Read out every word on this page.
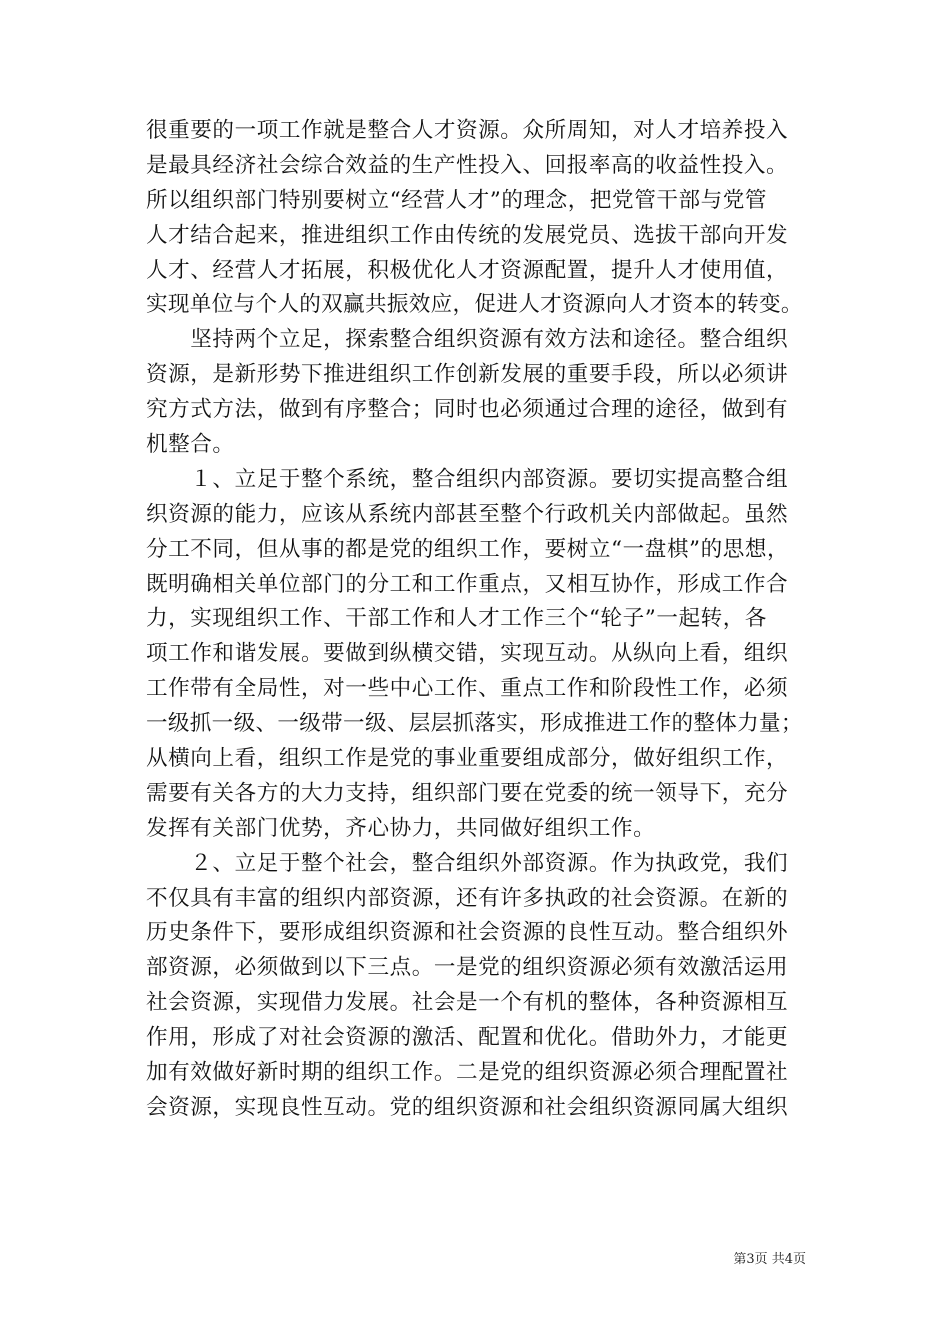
很重要的一项工作就是整合人才资源。众所周知，对人才培养投入
是最具经济社会综合效益的生产性投入、回报率高的收益性投入。
所以组织部门特别要树立“经营人才”的理念，把党管干部与党管
人才结合起来，推进组织工作由传统的发展党员、选拔干部向开发
人才、经营人才拓展，积极优化人才资源配置，提升人才使用值，
实现单位与个人的双赢共振效应，促进人才资源向人才资本的转变。
　　坚持两个立足，探索整合组织资源有效方法和途径。整合组织
资源，是新形势下推进组织工作创新发展的重要手段，所以必须讲
究方式方法，做到有序整合；同时也必须通过合理的途径，做到有
机整合。
　　１、立足于整个系统，整合组织内部资源。要切实提高整合组
织资源的能力，应该从系统内部甚至整个行政机关内部做起。虽然
分工不同，但从事的都是党的组织工作，要树立“一盘棋”的思想，
既明确相关单位部门的分工和工作重点，又相互协作，形成工作合
力，实现组织工作、干部工作和人才工作三个“轮子”一起转，各
项工作和谐发展。要做到纵横交错，实现互动。从纵向上看，组织
工作带有全局性，对一些中心工作、重点工作和阶段性工作，必须
一级抓一级、一级带一级、层层抓落实，形成推进工作的整体力量；
从横向上看，组织工作是党的事业重要组成部分，做好组织工作，
需要有关各方的大力支持，组织部门要在党委的统一领导下，充分
发挥有关部门优势，齐心协力，共同做好组织工作。
　　２、立足于整个社会，整合组织外部资源。作为执政党，我们
不仅具有丰富的组织内部资源，还有许多执政的社会资源。在新的
历史条件下，要形成组织资源和社会资源的良性互动。整合组织外
部资源，必须做到以下三点。一是党的组织资源必须有效激活运用
社会资源，实现借力发展。社会是一个有机的整体，各种资源相互
作用，形成了对社会资源的激活、配置和优化。借助外力，才能更
加有效做好新时期的组织工作。二是党的组织资源必须合理配置社
会资源，实现良性互动。党的组织资源和社会组织资源同属大组织
第3页 共4页
